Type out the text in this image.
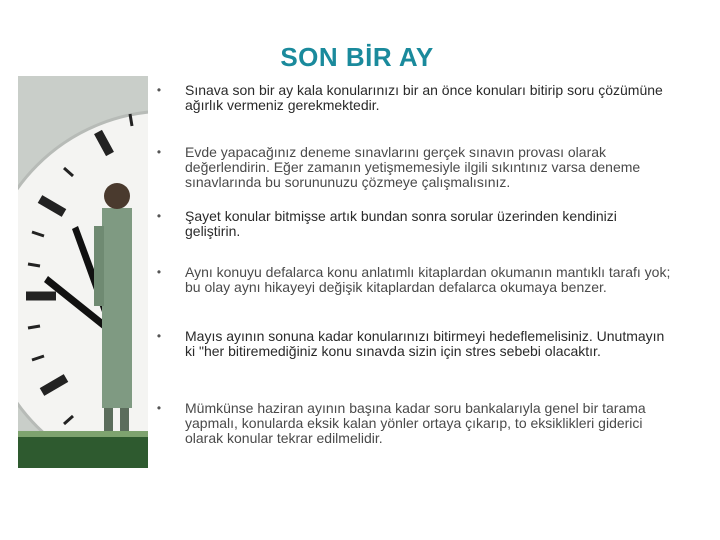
SON BİR AY
• Sınava son bir ay kala konularınızı bir an önce konuları bitirip soru çözümüne ağırlık vermeniz gerekmektedir.
• Evde yapacağınız deneme sınavlarını gerçek sınavın provası olarak değerlendirin. Eğer zamanın yetişmemesiyle ilgili sıkıntınız varsa deneme sınavlarında bu sorununuzu çözmeye çalışmalısınız.
• Şayet konular bitmişse artık bundan sonra sorular üzerinden kendinizi geliştirin.
• Aynı konuyu defalarca konu anlatımlı kitaplardan okumanın mantıklı tarafı yok; bu olay aynı hikayeyi değişik kitaplardan defalarca okumaya benzer.
• Mayıs ayının sonuna kadar konularınızı bitirmeyi hedeflemelisiniz. Unutmayın ki "her bitiremediğiniz konu sınavda sizin için stres sebebi olacaktır.
• Mümkünse haziran ayının başına kadar soru bankalarıyla genel bir tarama yapmalı, konularda eksik kalan yönler ortaya çıkarıp, to eksiklikleri giderici olarak konular tekrar edilmelidir.
